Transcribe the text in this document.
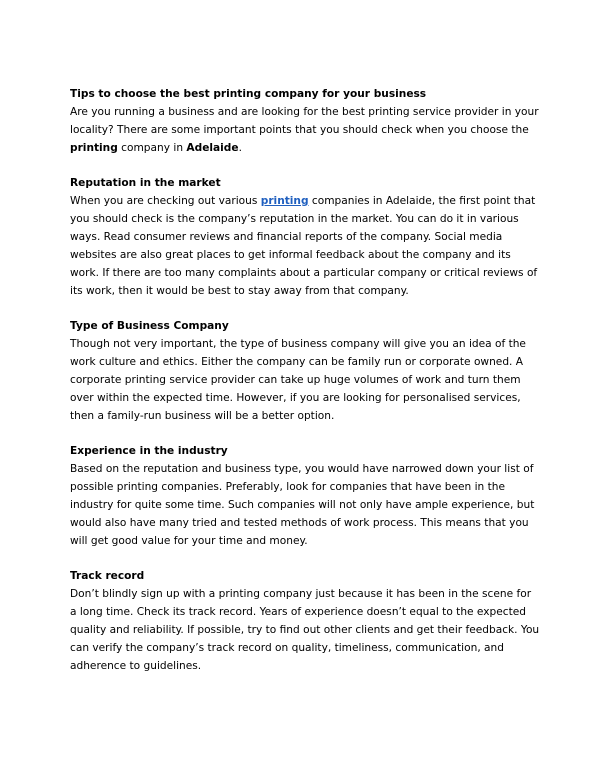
Tips to choose the best printing company for your business

Are you running a business and are looking for the best printing service provider in your locality? There are some important points that you should check when you choose the printing company in Adelaide.

Reputation in the market

When you are checking out various printing companies in Adelaide, the first point that you should check is the company’s reputation in the market. You can do it in various ways. Read consumer reviews and financial reports of the company. Social media websites are also great places to get informal feedback about the company and its work. If there are too many complaints about a particular company or critical reviews of its work, then it would be best to stay away from that company.

Type of Business Company

Though not very important, the type of business company will give you an idea of the work culture and ethics. Either the company can be family run or corporate owned. A corporate printing service provider can take up huge volumes of work and turn them over within the expected time. However, if you are looking for personalised services, then a family-run business will be a better option.

Experience in the industry

Based on the reputation and business type, you would have narrowed down your list of possible printing companies. Preferably, look for companies that have been in the industry for quite some time. Such companies will not only have ample experience, but would also have many tried and tested methods of work process. This means that you will get good value for your time and money.

Track record

Don’t blindly sign up with a printing company just because it has been in the scene for a long time. Check its track record. Years of experience doesn’t equal to the expected quality and reliability. If possible, try to find out other clients and get their feedback. You can verify the company’s track record on quality, timeliness, communication, and adherence to guidelines.
